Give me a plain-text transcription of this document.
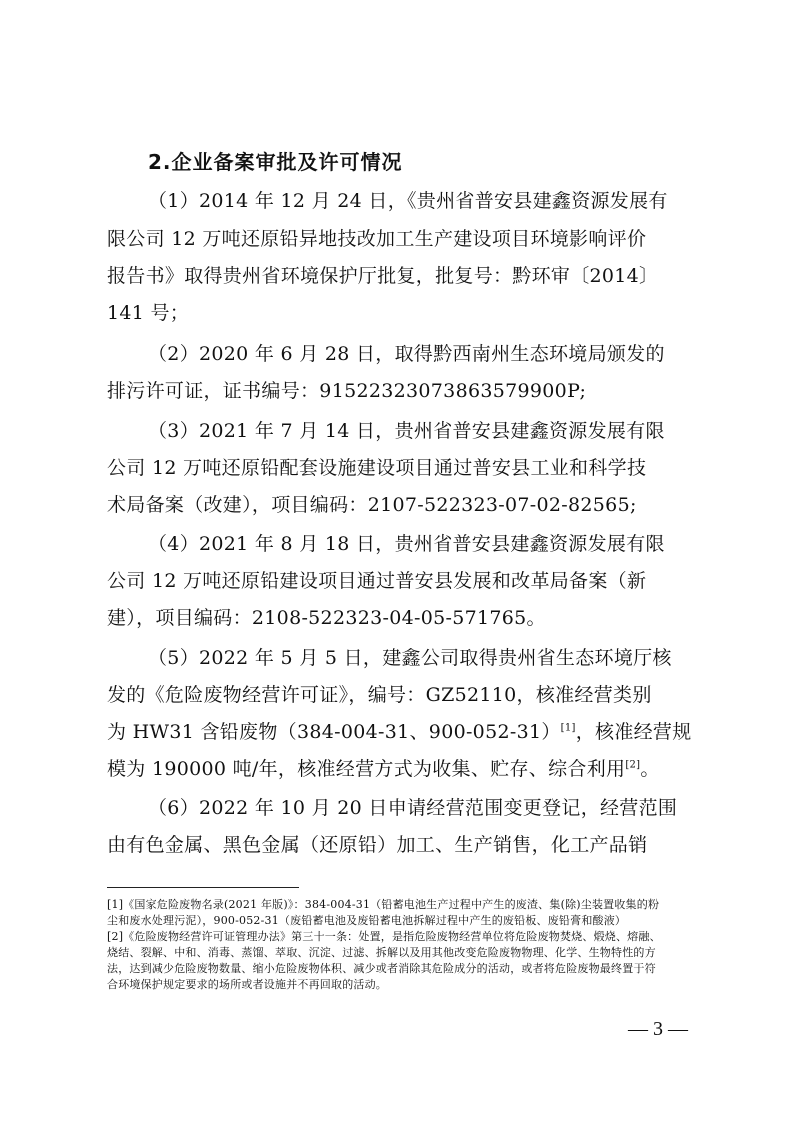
2.企业备案审批及许可情况
（1）2014 年 12 月 24 日，《贵州省普安县建鑫资源发展有
限公司 12 万吨还原铅异地技改加工生产建设项目环境影响评价
报告书》取得贵州省环境保护厅批复，批复号：黔环审〔2014〕
141 号；
（2）2020 年 6 月 28 日，取得黔西南州生态环境局颁发的
排污许可证，证书编号：91522323073863579900P;
（3）2021 年 7 月 14 日，贵州省普安县建鑫资源发展有限
公司 12 万吨还原铅配套设施建设项目通过普安县工业和科学技
术局备案（改建），项目编码：2107-522323-07-02-82565;
（4）2021 年 8 月 18 日，贵州省普安县建鑫资源发展有限
公司 12 万吨还原铅建设项目通过普安县发展和改革局备案（新
建），项目编码：2108-522323-04-05-571765。
（5）2022 年 5 月 5 日，建鑫公司取得贵州省生态环境厅核
发的《危险废物经营许可证》，编号：GZ52110，核准经营类别
为 HW31 含铅废物（384-004-31、900-052-31）[1]，核准经营规
模为 190000 吨/年，核准经营方式为收集、贮存、综合利用[2]。
（6）2022 年 10 月 20 日申请经营范围变更登记，经营范围
由有色金属、黑色金属（还原铅）加工、生产销售，化工产品销
[1]《国家危险废物名录(2021 年版)》：384-004-31（铅蓄电池生产过程中产生的废渣、集(除)尘装置收集的粉
尘和废水处理污泥），900-052-31（废铅蓄电池及废铅蓄电池拆解过程中产生的废铅板、废铅膏和酸液）
[2]《危险废物经营许可证管理办法》第三十一条：处置，是指危险废物经营单位将危险废物焚烧、煅烧、熔融、
烧结、裂解、中和、消毒、蒸馏、萃取、沉淀、过滤、拆解以及用其他改变危险废物物理、化学、生物特性的方
法，达到减少危险废物数量、缩小危险废物体积、减少或者消除其危险成分的活动，或者将危险废物最终置于符
合环境保护规定要求的场所或者设施并不再回取的活动。
— 3 —
